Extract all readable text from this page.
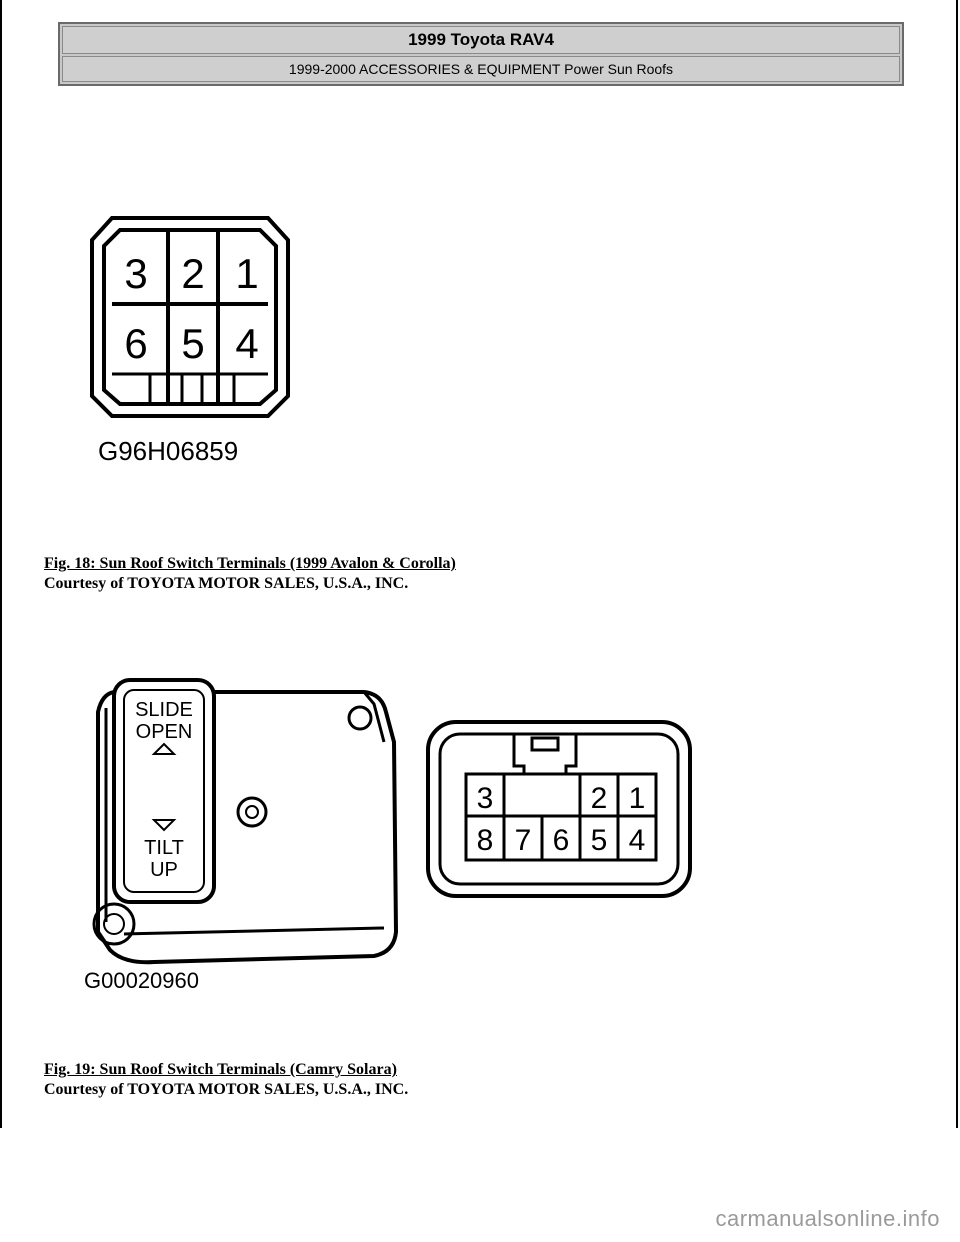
1999 Toyota RAV4
1999-2000 ACCESSORIES & EQUIPMENT Power Sun Roofs
3 2 1
6 5 4
G96H06859
Fig. 18: Sun Roof Switch Terminals (1999 Avalon & Corolla)
Courtesy of TOYOTA MOTOR SALES, U.S.A., INC.
SLIDE
OPEN
TILT
UP
G00020960
3	2 1
8 7 6 5 4
Fig. 19: Sun Roof Switch Terminals (Camry Solara)
Courtesy of TOYOTA MOTOR SALES, U.S.A., INC.
carmanualsonline.info
